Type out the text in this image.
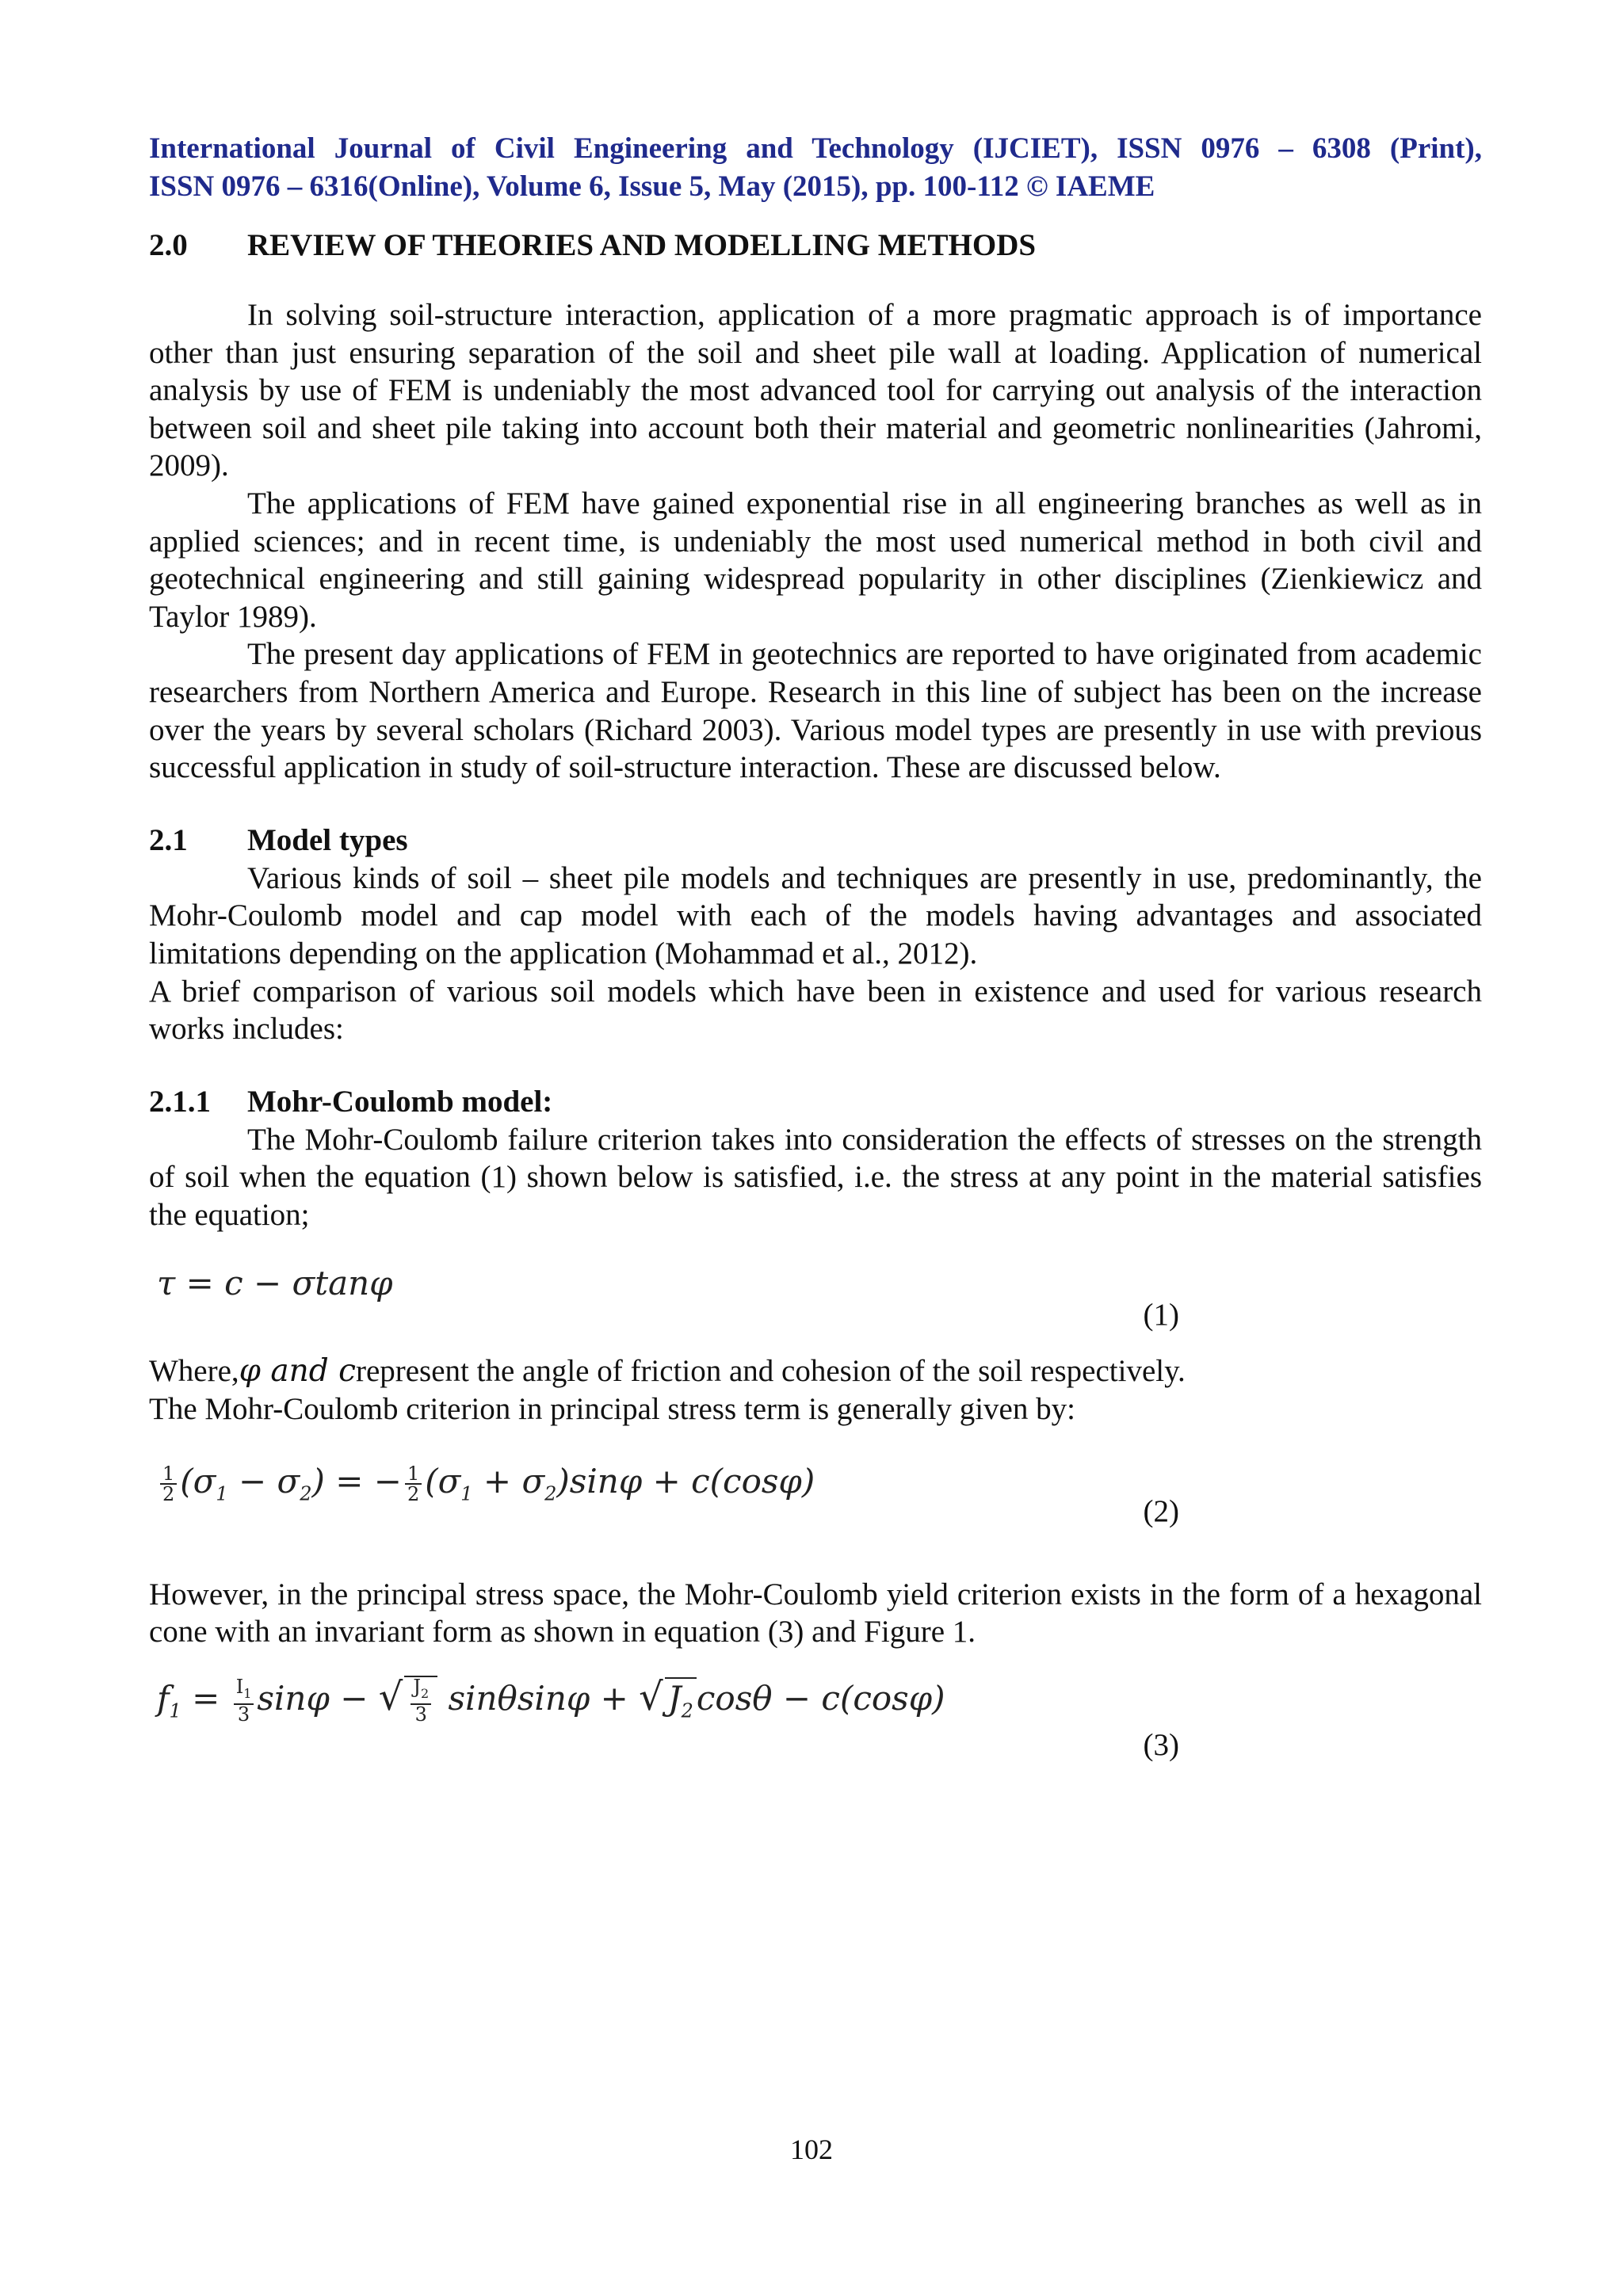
International Journal of Civil Engineering and Technology (IJCIET), ISSN 0976 – 6308 (Print),
ISSN 0976 – 6316(Online), Volume 6, Issue 5, May (2015), pp. 100-112 © IAEME
2.0	REVIEW OF THEORIES AND MODELLING METHODS

In solving soil-structure interaction, application of a more pragmatic approach is of importance other than just ensuring separation of the soil and sheet pile wall at loading. Application of numerical analysis by use of FEM is undeniably the most advanced tool for carrying out analysis of the interaction between soil and sheet pile taking into account both their material and geometric nonlinearities (Jahromi, 2009).

The applications of FEM have gained exponential rise in all engineering branches as well as in applied sciences; and in recent time, is undeniably the most used numerical method in both civil and geotechnical engineering and still gaining widespread popularity in other disciplines (Zienkiewicz and Taylor 1989).

The present day applications of FEM in geotechnics are reported to have originated from academic researchers from Northern America and Europe. Research in this line of subject has been on the increase over the years by several scholars (Richard 2003). Various model types are presently in use with previous successful application in study of soil-structure interaction. These are discussed below.

2.1	Model types

Various kinds of soil – sheet pile models and techniques are presently in use, predominantly, the Mohr-Coulomb model and cap model with each of the models having advantages and associated limitations depending on the application (Mohammad et al., 2012).

A brief comparison of various soil models which have been in existence and used for various research works includes:

2.1.1	Mohr-Coulomb model:

The Mohr-Coulomb failure criterion takes into consideration the effects of stresses on the strength of soil when the equation (1) shown below is satisfied, i.e. the stress at any point in the material satisfies the equation;

τ = c − σtanφ
(1)

Where,φ and crepresent the angle of friction and cohesion of the soil respectively.

The Mohr-Coulomb criterion in principal stress term is generally given by:

$\frac{1}{2} (\sigma_1 - \sigma_2)$ = − $\frac{1}{2} (\sigma_1 + \sigma_2)\sin\varphi + c(\cos\varphi)$
(2)

However, in the principal stress space, the Mohr-Coulomb yield criterion exists in the form of a hexagonal cone with an invariant form as shown in equation (3) and Figure 1.

$f_1 = \frac{I_1}{3}$ sinφ − √ $\frac{J_2}{3}$ sinθsinφ + √ $J_2\cos\theta - c(\cos\varphi)$
(3)
102
